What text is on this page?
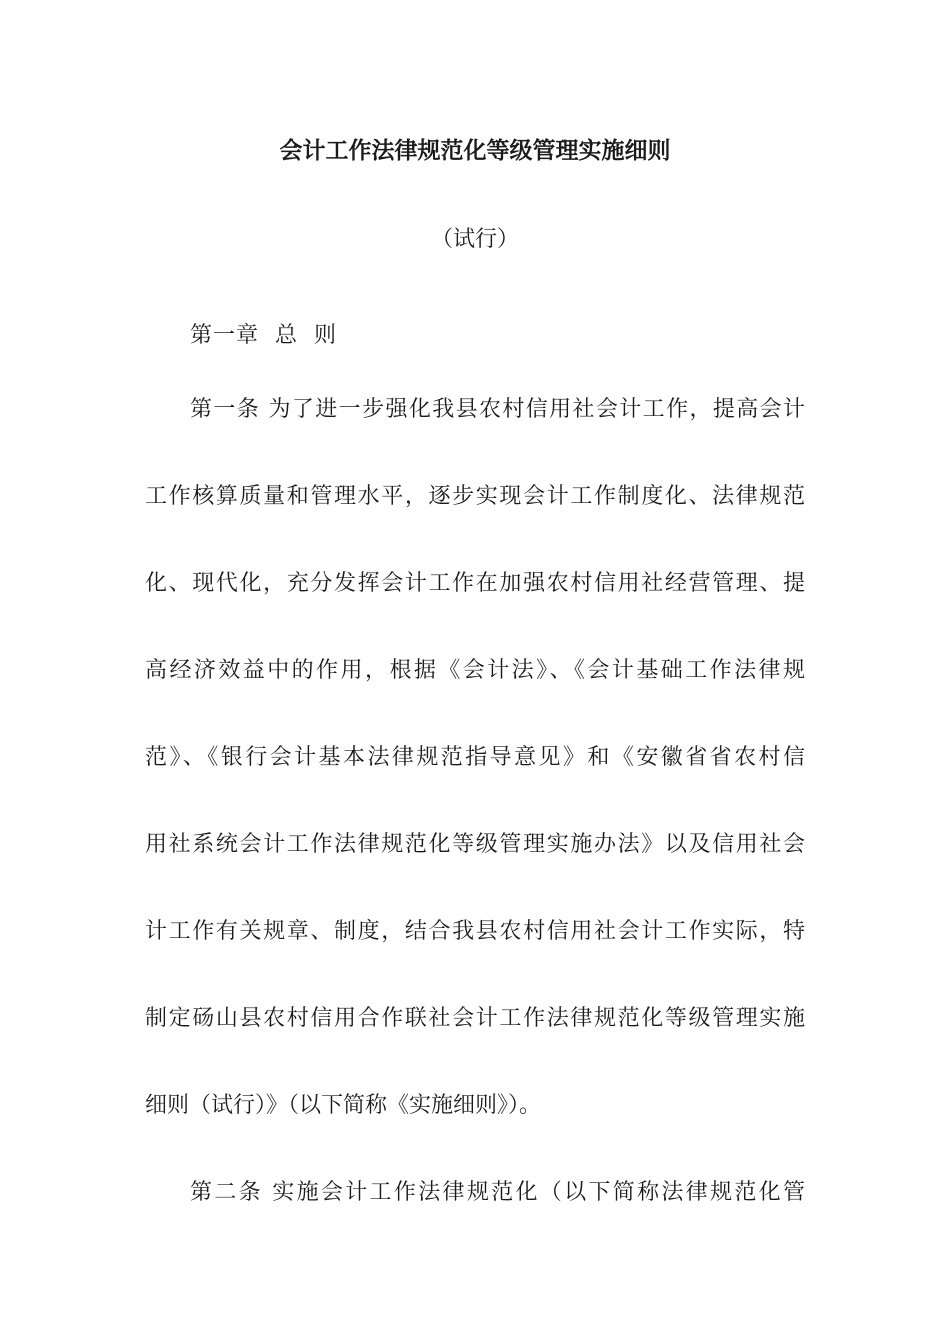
会计工作法律规范化等级管理实施细则
（试行）
第一章  总  则
第一条 为了进一步强化我县农村信用社会计工作，提高会计
工作核算质量和管理水平，逐步实现会计工作制度化、法律规范
化、现代化，充分发挥会计工作在加强农村信用社经营管理、提
高经济效益中的作用，根据《会计法》、《会计基础工作法律规
范》、《银行会计基本法律规范指导意见》和《安徽省省农村信
用社系统会计工作法律规范化等级管理实施办法》以及信用社会
计工作有关规章、制度，结合我县农村信用社会计工作实际，特
制定砀山县农村信用合作联社会计工作法律规范化等级管理实施
细则（试行）》（以下简称《实施细则》）。
第二条 实施会计工作法律规范化（以下简称法律规范化管
